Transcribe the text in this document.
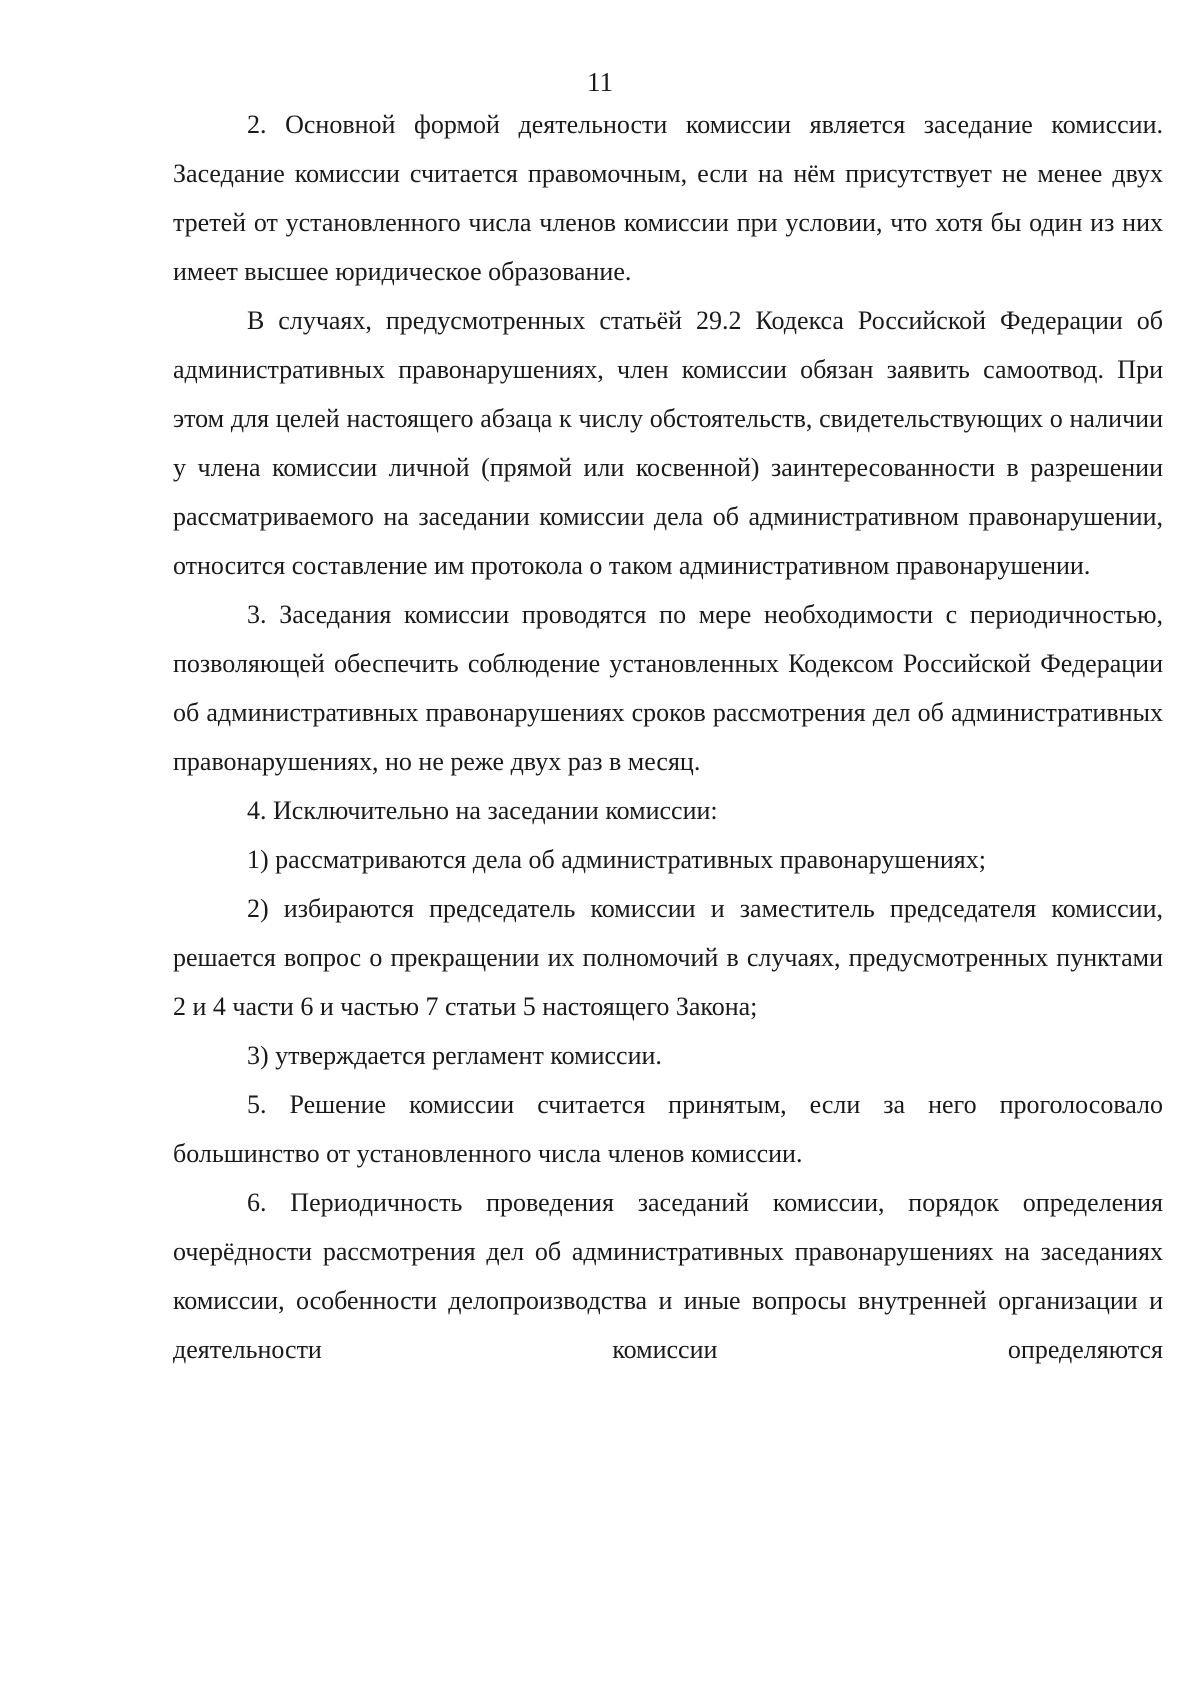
11

2. Основной формой деятельности комиссии является заседание комиссии. Заседание комиссии считается правомочным, если на нём присутствует не менее двух третей от установленного числа членов комиссии при условии, что хотя бы один из них имеет высшее юридическое образование.

В случаях, предусмотренных статьёй 29.2 Кодекса Российской Федерации об административных правонарушениях, член комиссии обязан заявить самоотвод. При этом для целей настоящего абзаца к числу обстоятельств, свидетельствующих о наличии у члена комиссии личной (прямой или косвенной) заинтересованности в разрешении рассматриваемого на заседании комиссии дела об административном правонарушении, относится составление им протокола о таком административном правонарушении.

3. Заседания комиссии проводятся по мере необходимости с периодичностью, позволяющей обеспечить соблюдение установленных Кодексом Российской Федерации об административных правонарушениях сроков рассмотрения дел об административных правонарушениях, но не реже двух раз в месяц.

4. Исключительно на заседании комиссии:

1) рассматриваются дела об административных правонарушениях;

2) избираются председатель комиссии и заместитель председателя комиссии, решается вопрос о прекращении их полномочий в случаях, предусмотренных пунктами 2 и 4 части 6 и частью 7 статьи 5 настоящего Закона;

3) утверждается регламент комиссии.

5. Решение комиссии считается принятым, если за него проголосовало большинство от установленного числа членов комиссии.

6. Периодичность проведения заседаний комиссии, порядок определения очерёдности рассмотрения дел об административных правонарушениях на заседаниях комиссии, особенности делопроизводства и иные вопросы внутренней организации и деятельности комиссии определяются
